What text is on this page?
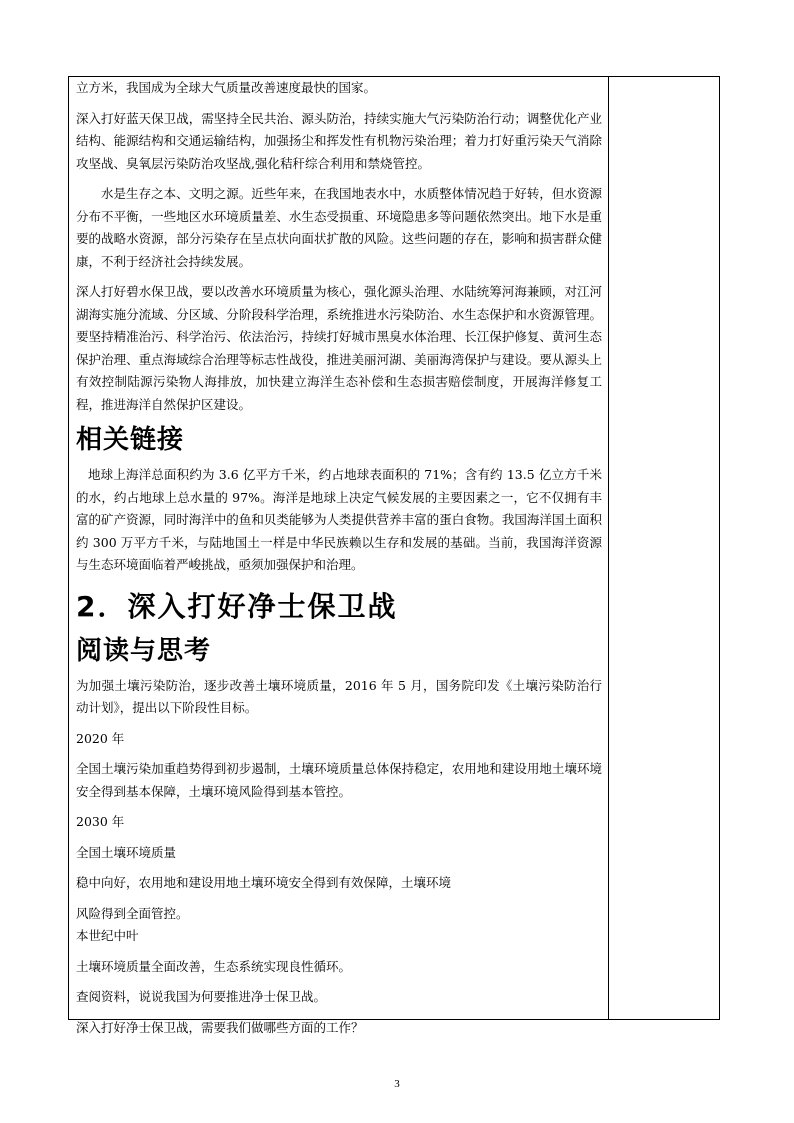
立方米，我国成为全球大气质量改善速度最快的国家。

深入打好蓝天保卫战，需坚持全民共治、源头防治，持续实施大气污染防治行动；调整优化产业结构、能源结构和交通运输结构，加强扬尘和挥发性有机物污染治理；着力打好重污染天气消除攻坚战、臭氧层污染防治攻坚战,强化秸秆综合利用和禁烧管控。

水是生存之本、文明之源。近些年来，在我国地表水中，水质整体情况趋于好转，但水资源分布不平衡，一些地区水环境质量差、水生态受损重、环境隐患多等问题依然突出。地下水是重要的战略水资源，部分污染存在呈点状向面状扩散的风险。这些问题的存在，影响和损害群众健康，不利于经济社会持续发展。

深人打好碧水保卫战，要以改善水环境质量为核心，强化源头治理、水陆统筹河海兼顾，对江河湖海实施分流域、分区域、分阶段科学治理，系统推进水污染防治、水生态保护和水资源管理。要坚持精准治污、科学治污、依法治污，持续打好城市黑臭水体治理、长江保护修复、黄河生态保护治理、重点海域综合治理等标志性战役，推进美丽河湖、美丽海湾保护与建设。要从源头上有效控制陆源污染物人海排放，加快建立海洋生态补偿和生态损害赔偿制度，开展海洋修复工程，推进海洋自然保护区建设。

相关链接

地球上海洋总面积约为 3.6 亿平方千米，约占地球表面积的 71%；含有约 13.5 亿立方千米的水，约占地球上总水量的 97%。海洋是地球上决定气候发展的主要因素之一，它不仅拥有丰富的矿产资源，同时海洋中的鱼和贝类能够为人类提供营养丰富的蛋白食物。我国海洋国土面积约 300 万平方千米，与陆地国土一样是中华民族赖以生存和发展的基础。当前，我国海洋资源与生态环境面临着严峻挑战，亟须加强保护和治理。

2．深入打好净士保卫战
阅读与思考

为加强土壤污染防治，逐步改善土壤环境质量，2016 年 5 月，国务院印发《土壤污染防治行动计划》，提出以下阶段性目标。

2020 年

全国土壤污染加重趋势得到初步遏制，土壤环境质量总体保持稳定，农用地和建设用地土壤环境安全得到基本保障，土壤环境风险得到基本管控。

2030 年

全国土壤环境质量

稳中向好，农用地和建设用地土壤环境安全得到有效保障，土壤环境

风险得到全面管控。

本世纪中叶

土壤环境质量全面改善，生态系统实现良性循环。

查阅资料，说说我国为何要推进净士保卫战。

深入打好净士保卫战，需要我们做哪些方面的工作？

3
